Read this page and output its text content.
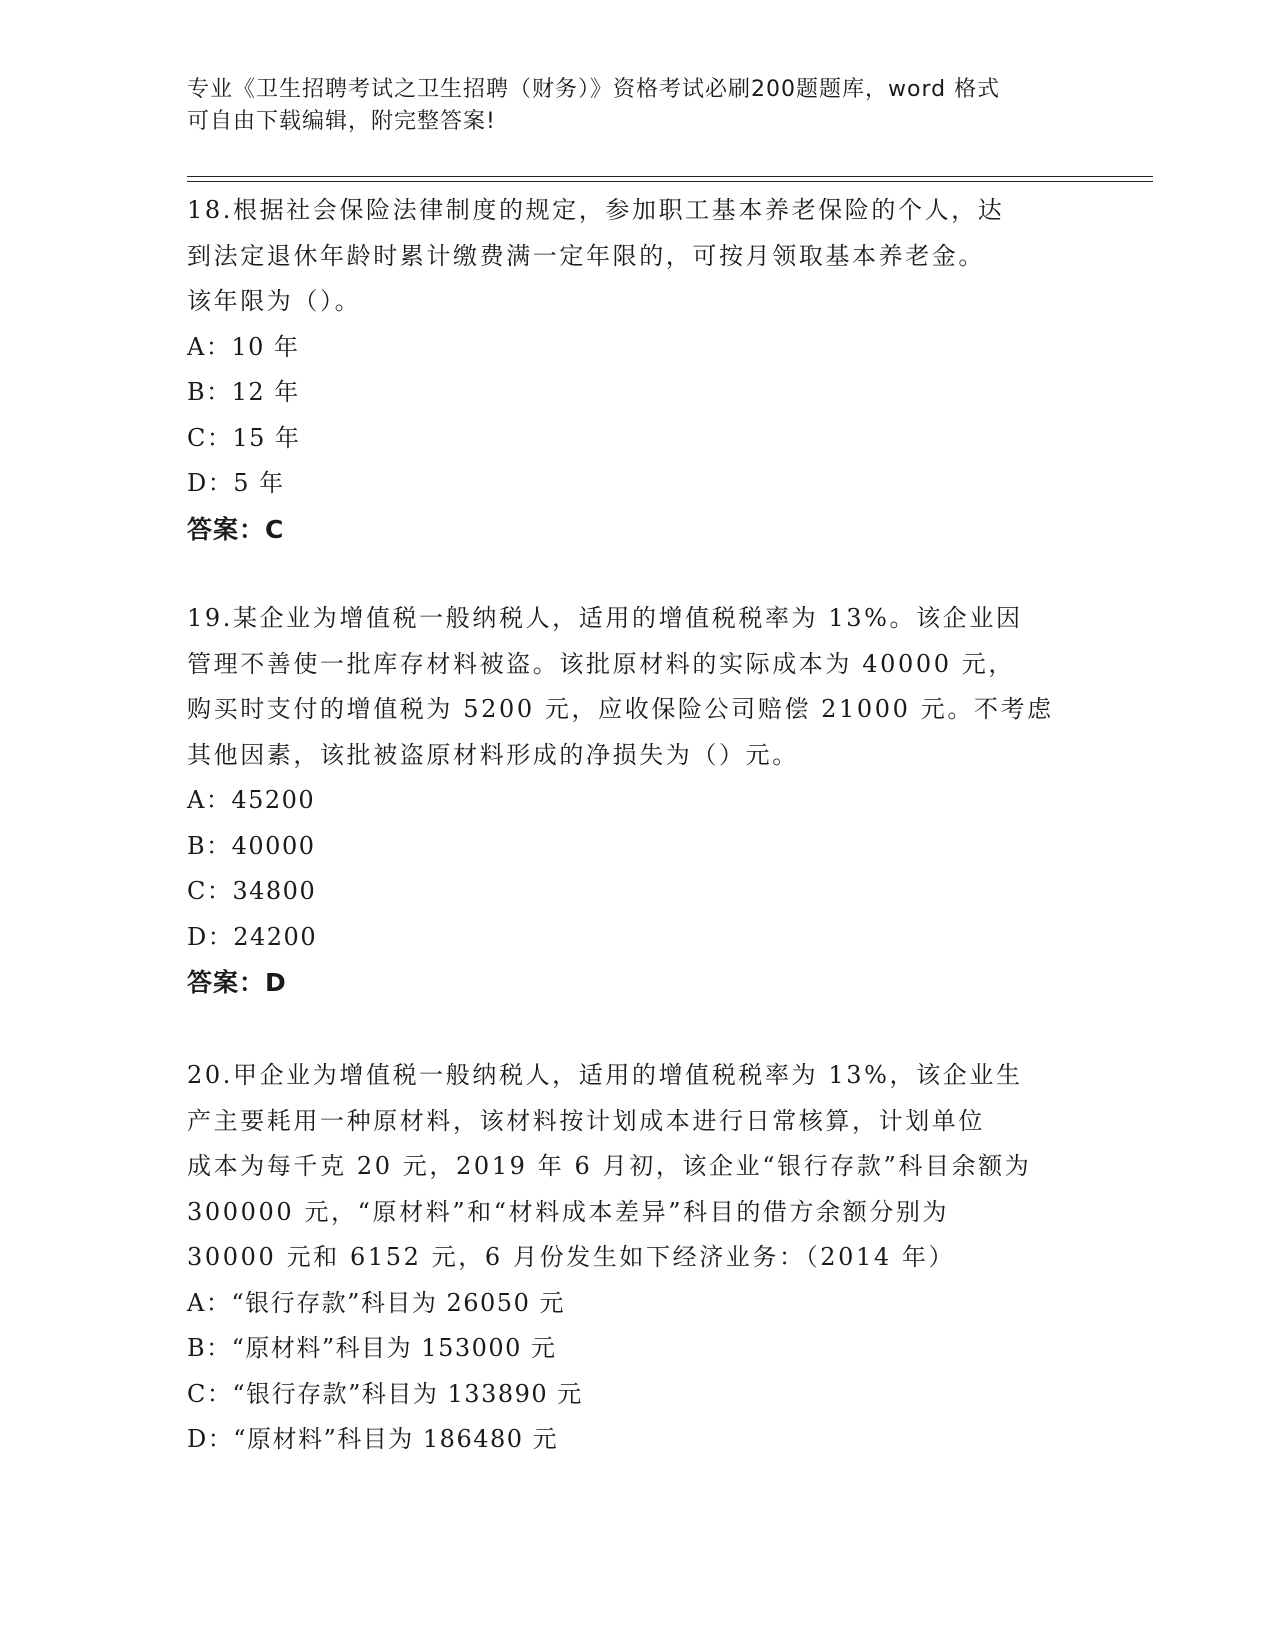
专业《卫生招聘考试之卫生招聘（财务）》资格考试必刷200题题库，word 格式
可自由下载编辑，附完整答案!
18.根据社会保险法律制度的规定，参加职工基本养老保险的个人，达
到法定退休年龄时累计缴费满一定年限的，可按月领取基本养老金。
该年限为（）。
A：10 年
B：12 年
C：15 年
D：5 年
答案：C
19.某企业为增值税一般纳税人，适用的增值税税率为 13%。该企业因
管理不善使一批库存材料被盗。该批原材料的实际成本为 40000 元，
购买时支付的增值税为 5200 元，应收保险公司赔偿 21000 元。不考虑
其他因素，该批被盗原材料形成的净损失为（）元。
A：45200
B：40000
C：34800
D：24200
答案：D
20.甲企业为增值税一般纳税人，适用的增值税税率为 13%，该企业生
产主要耗用一种原材料，该材料按计划成本进行日常核算，计划单位
成本为每千克 20 元，2019 年 6 月初，该企业“银行存款”科目余额为
300000 元，“原材料”和“材料成本差异”科目的借方余额分别为
30000 元和 6152 元，6 月份发生如下经济业务：（2014 年）
A：“银行存款”科目为 26050 元
B：“原材料”科目为 153000 元
C：“银行存款”科目为 133890 元
D：“原材料”科目为 186480 元
